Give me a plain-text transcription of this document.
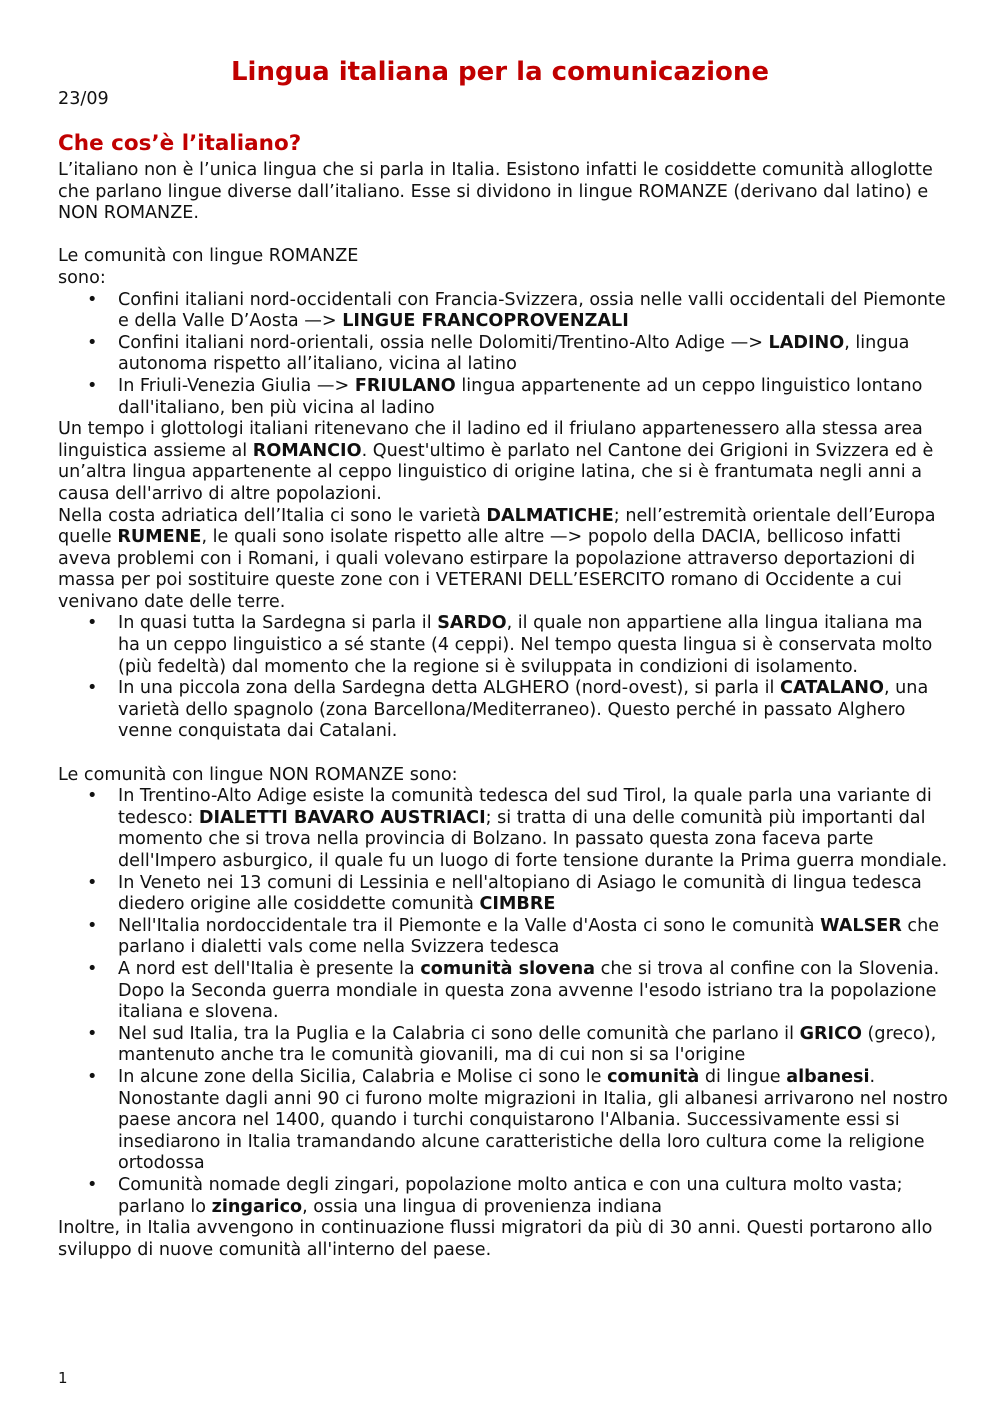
Lingua italiana per la comunicazione
23/09
Che cos’è l’italiano?

L’italiano non è l’unica lingua che si parla in Italia. Esistono infatti le cosiddette comunità alloglotte che parlano lingue diverse dall’italiano. Esse si dividono in lingue ROMANZE (derivano dal latino) e NON ROMANZE.

Le comunità con lingue ROMANZE
sono:

• Confini italiani nord-occidentali con Francia-Svizzera, ossia nelle valli occidentali del Piemonte e della Valle D’Aosta —> LINGUE FRANCOPROVENZALI
• Confini italiani nord-orientali, ossia nelle Dolomiti/Trentino-Alto Adige —> LADINO, lingua autonoma rispetto all’italiano, vicina al latino
• In Friuli-Venezia Giulia —> FRIULANO lingua appartenente ad un ceppo linguistico lontano dall'italiano, ben più vicina al ladino

Un tempo i glottologi italiani ritenevano che il ladino ed il friulano appartenessero alla stessa area linguistica assieme al ROMANCIO. Quest'ultimo è parlato nel Cantone dei Grigioni in Svizzera ed è un’altra lingua appartenente al ceppo linguistico di origine latina, che si è frantumata negli anni a causa dell'arrivo di altre popolazioni.

Nella costa adriatica dell’Italia ci sono le varietà DALMATICHE; nell’estremità orientale dell’Europa quelle RUMENE, le quali sono isolate rispetto alle altre —> popolo della DACIA, bellicoso infatti aveva problemi con i Romani, i quali volevano estirpare la popolazione attraverso deportazioni di massa per poi sostituire queste zone con i VETERANI DELL’ESERCITO romano di Occidente a cui venivano date delle terre.

• In quasi tutta la Sardegna si parla il SARDO, il quale non appartiene alla lingua italiana ma ha un ceppo linguistico a sé stante (4 ceppi). Nel tempo questa lingua si è conservata molto (più fedeltà) dal momento che la regione si è sviluppata in condizioni di isolamento.
• In una piccola zona della Sardegna detta ALGHERO (nord-ovest), si parla il CATALANO, una varietà dello spagnolo (zona Barcellona/Mediterraneo). Questo perché in passato Alghero venne conquistata dai Catalani.

Le comunità con lingue NON ROMANZE sono:

• In Trentino-Alto Adige esiste la comunità tedesca del sud Tirol, la quale parla una variante di tedesco: DIALETTI BAVARO AUSTRIACI; si tratta di una delle comunità più importanti dal momento che si trova nella provincia di Bolzano. In passato questa zona faceva parte dell'Impero asburgico, il quale fu un luogo di forte tensione durante la Prima guerra mondiale.
• In Veneto nei 13 comuni di Lessinia e nell'altopiano di Asiago le comunità di lingua tedesca diedero origine alle cosiddette comunità CIMBRE
• Nell'Italia nordoccidentale tra il Piemonte e la Valle d'Aosta ci sono le comunità WALSER che parlano i dialetti vals come nella Svizzera tedesca
• A nord est dell'Italia è presente la comunità slovena che si trova al confine con la Slovenia. Dopo la Seconda guerra mondiale in questa zona avvenne l'esodo istriano tra la popolazione italiana e slovena.
• Nel sud Italia, tra la Puglia e la Calabria ci sono delle comunità che parlano il GRICO (greco), mantenuto anche tra le comunità giovanili, ma di cui non si sa l'origine
• In alcune zone della Sicilia, Calabria e Molise ci sono le comunità di lingue albanesi. Nonostante dagli anni 90 ci furono molte migrazioni in Italia, gli albanesi arrivarono nel nostro paese ancora nel 1400, quando i turchi conquistarono l'Albania. Successivamente essi si insediarono in Italia tramandando alcune caratteristiche della loro cultura come la religione ortodossa
• Comunità nomade degli zingari, popolazione molto antica e con una cultura molto vasta; parlano lo zingarico, ossia una lingua di provenienza indiana

Inoltre, in Italia avvengono in continuazione flussi migratori da più di 30 anni. Questi portarono allo sviluppo di nuove comunità all'interno del paese.

1
